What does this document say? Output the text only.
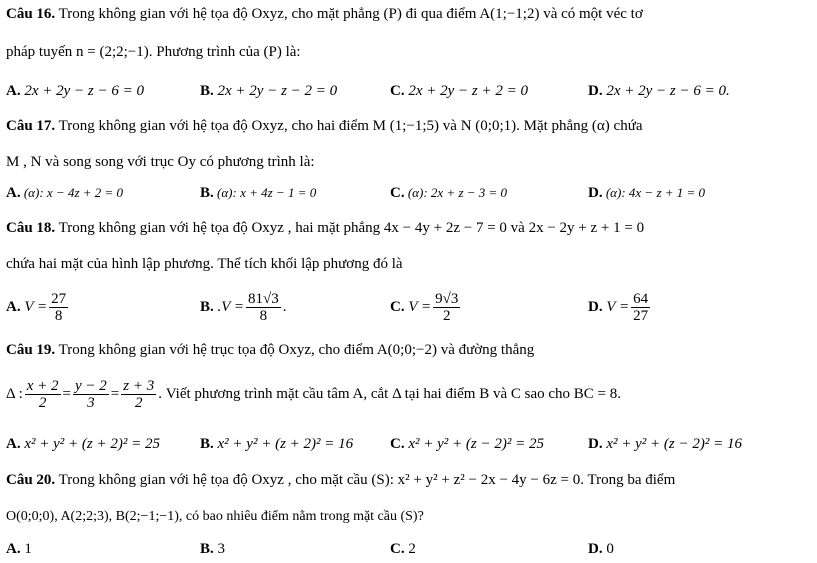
Câu 16. Trong không gian với hệ tọa độ Oxyz, cho mặt phẳng (P) đi qua điểm A(1;−1;2) và có một véc tơ
pháp tuyến n = (2;2;−1). Phương trình của (P) là:
A. 2x + 2y − z − 6 = 0	B. 2x + 2y − z − 2 = 0	C. 2x + 2y − z + 2 = 0	D. 2x + 2y − z − 6 = 0.
Câu 17. Trong không gian với hệ tọa độ Oxyz, cho hai điểm M (1;−1;5) và N (0;0;1). Mặt phẳng (α) chứa
M , N và song song với trục Oy có phương trình là:
A. (α): x − 4z + 2 = 0	B. (α): x + 4z − 1 = 0	C. (α): 2x + z − 3 = 0	D. (α): 4x − z + 1 = 0
Câu 18. Trong không gian với hệ tọa độ Oxyz , hai mặt phẳng 4x − 4y + 2z − 7 = 0 và 2x − 2y + z + 1 = 0
chứa hai mặt của hình lập phương. Thể tích khối lập phương đó là
A. $V = \frac{27}{8}$	B. $.V = \frac{81√3}{8}$ .	C. $V = \frac{9√3}{2}$	D. $V = \frac{64}{27}$
Câu 19. Trong không gian với hệ trục tọa độ Oxyz, cho điểm A(0;0;−2) và đường thẳng
Δ : $\frac{x + 2}{2} = \frac{y - 2}{3} = \frac{z + 3}{2}$ . Viết phương trình mặt cầu tâm A, cắt Δ tại hai điểm B và C sao cho BC = 8.
A. x² + y² + (z + 2)² = 25	B. x² + y² + (z + 2)² = 16 C. x² + y² + (z − 2)² = 25	D. x² + y² + (z − 2)² = 16
Câu 20. Trong không gian với hệ tọa độ Oxyz , cho mặt cầu (S): x² + y² + z² − 2x − 4y − 6z = 0. Trong ba điểm
O(0;0;0), A(2;2;3), B(2;−1;−1), có bao nhiêu điểm nằm trong mặt cầu (S)?
A. 1	B. 3	C. 2	D. 0
